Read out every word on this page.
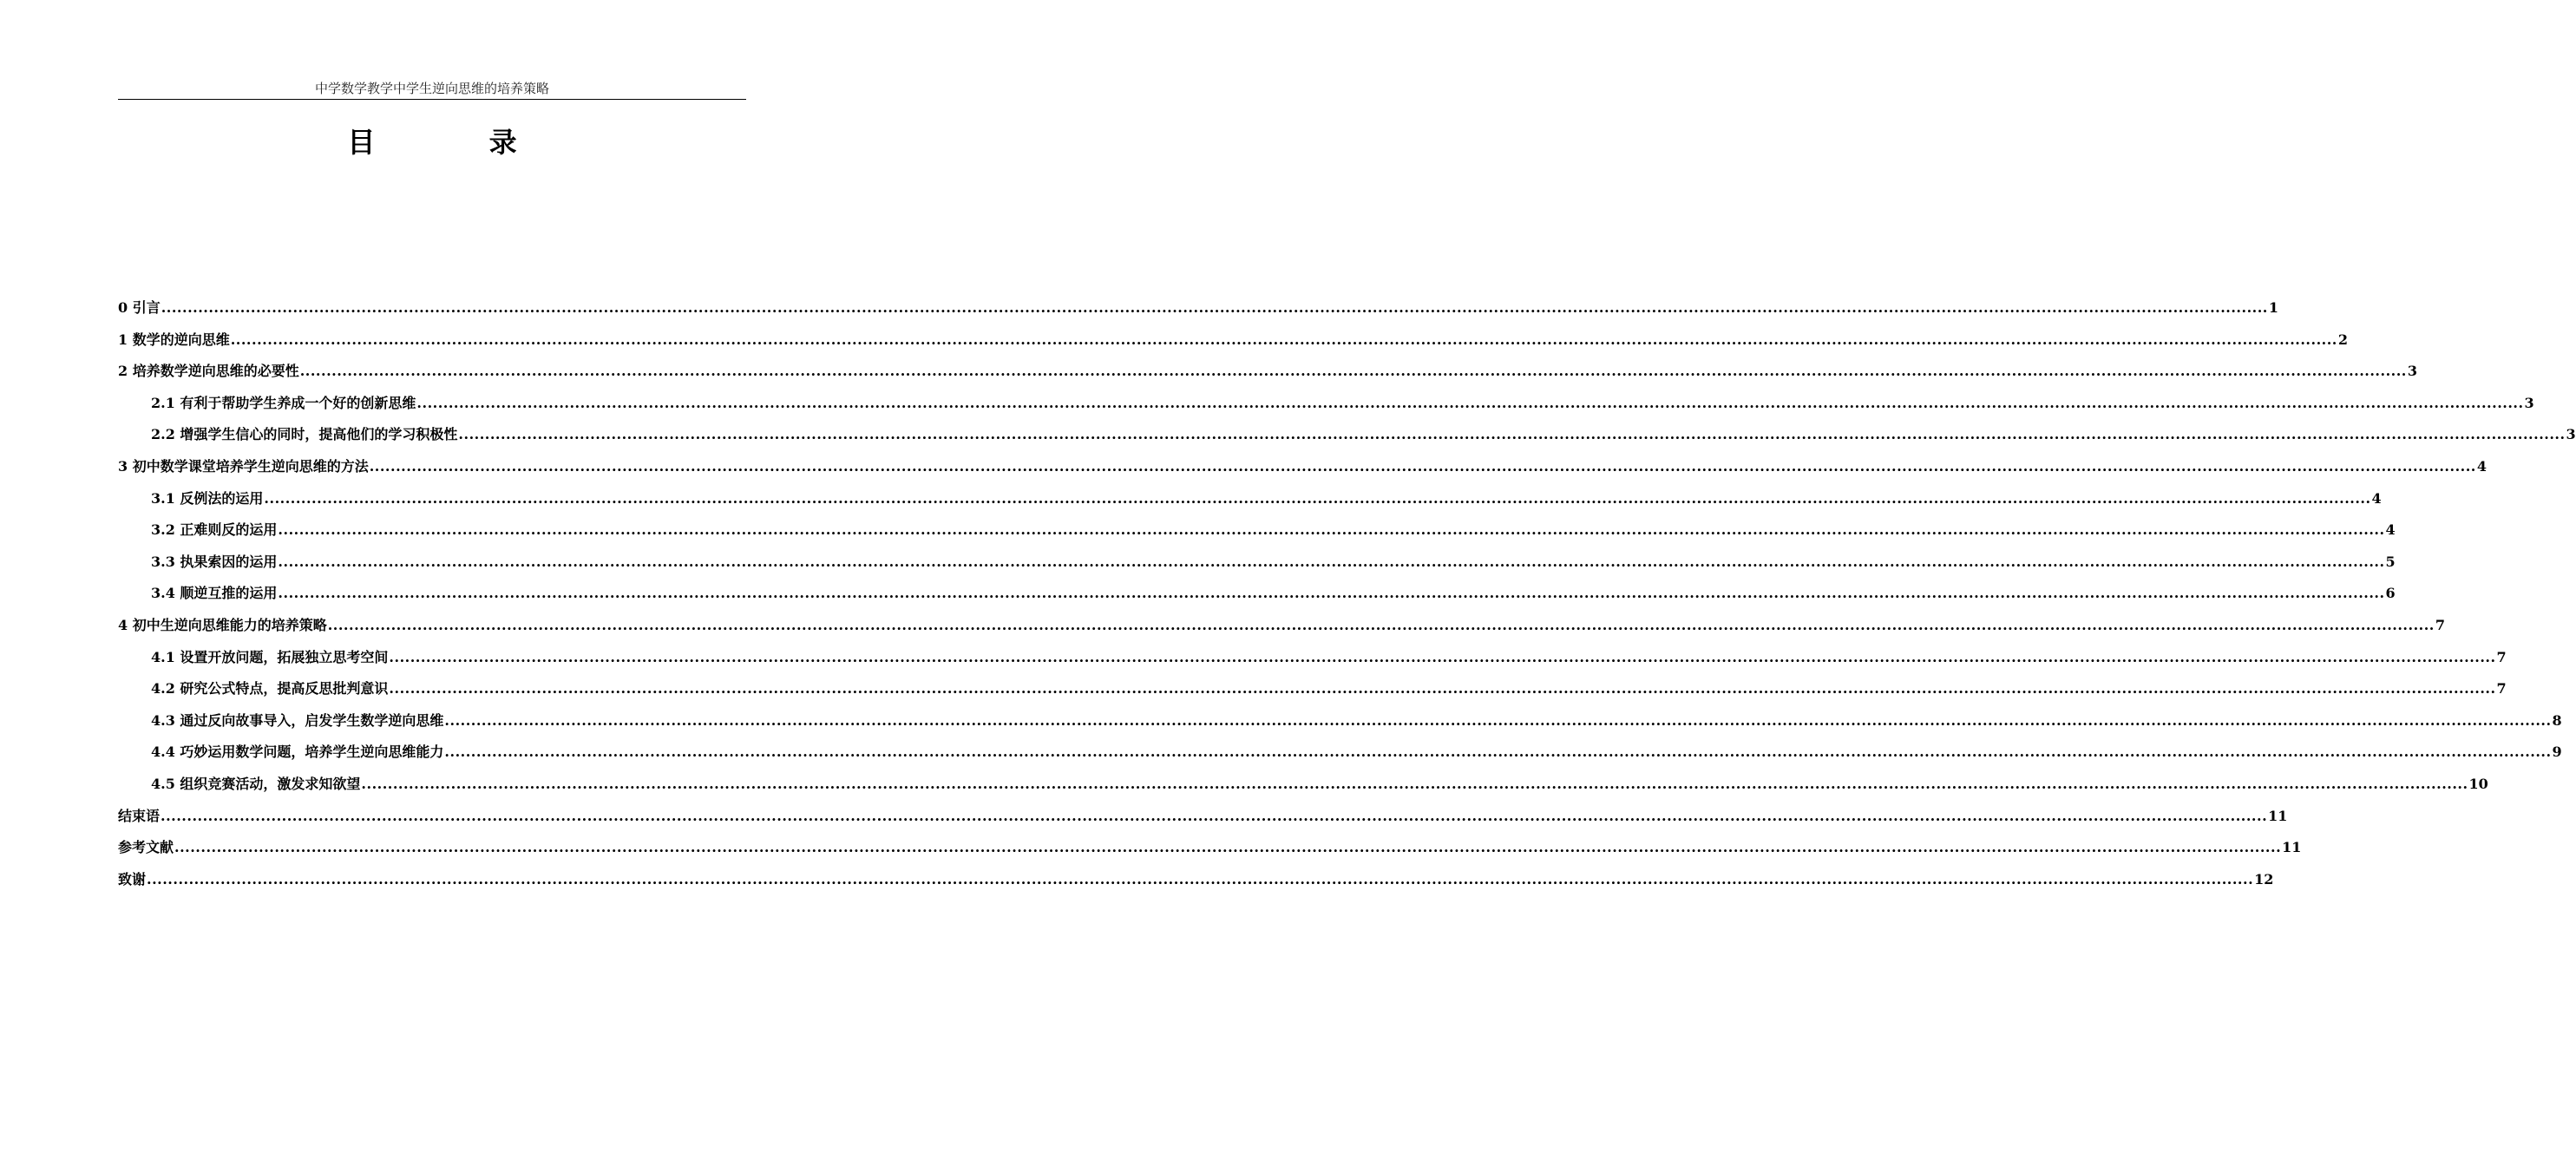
中学数学教学中学生逆向思维的培养策略
目 录
0 引言 ................................................................................................................................................................................................................................................................................................................................................................................................................ 1
1 数学的逆向思维 ................................................................................................................................................................................................................................................................................................................................................................................................................ 2
2 培养数学逆向思维的必要性 ................................................................................................................................................................................................................................................................................................................................................................................................................ 3
2.1 有利于帮助学生养成一个好的创新思维 ................................................................................................................................................................................................................................................................................................................................................................................................................ 3
2.2 增强学生信心的同时，提高他们的学习积极性 ................................................................................................................................................................................................................................................................................................................................................................................................................ 3
3 初中数学课堂培养学生逆向思维的方法 ................................................................................................................................................................................................................................................................................................................................................................................................................ 4
3.1 反例法的运用 ................................................................................................................................................................................................................................................................................................................................................................................................................ 4
3.2 正难则反的运用 ................................................................................................................................................................................................................................................................................................................................................................................................................ 4
3.3 执果索因的运用 ................................................................................................................................................................................................................................................................................................................................................................................................................ 5
3.4 顺逆互推的运用 ................................................................................................................................................................................................................................................................................................................................................................................................................ 6
4 初中生逆向思维能力的培养策略 ................................................................................................................................................................................................................................................................................................................................................................................................................ 7
4.1 设置开放问题，拓展独立思考空间 ................................................................................................................................................................................................................................................................................................................................................................................................................ 7
4.2 研究公式特点，提高反思批判意识 ................................................................................................................................................................................................................................................................................................................................................................................................................ 7
4.3 通过反向故事导入，启发学生数学逆向思维 ................................................................................................................................................................................................................................................................................................................................................................................................................ 8
4.4 巧妙运用数学问题，培养学生逆向思维能力 ................................................................................................................................................................................................................................................................................................................................................................................................................ 9
4.5 组织竞赛活动，激发求知欲望 ................................................................................................................................................................................................................................................................................................................................................................................................................ 10
结束语 ................................................................................................................................................................................................................................................................................................................................................................................................................ 11
参考文献 ................................................................................................................................................................................................................................................................................................................................................................................................................ 11
致谢 ................................................................................................................................................................................................................................................................................................................................................................................................................ 12
